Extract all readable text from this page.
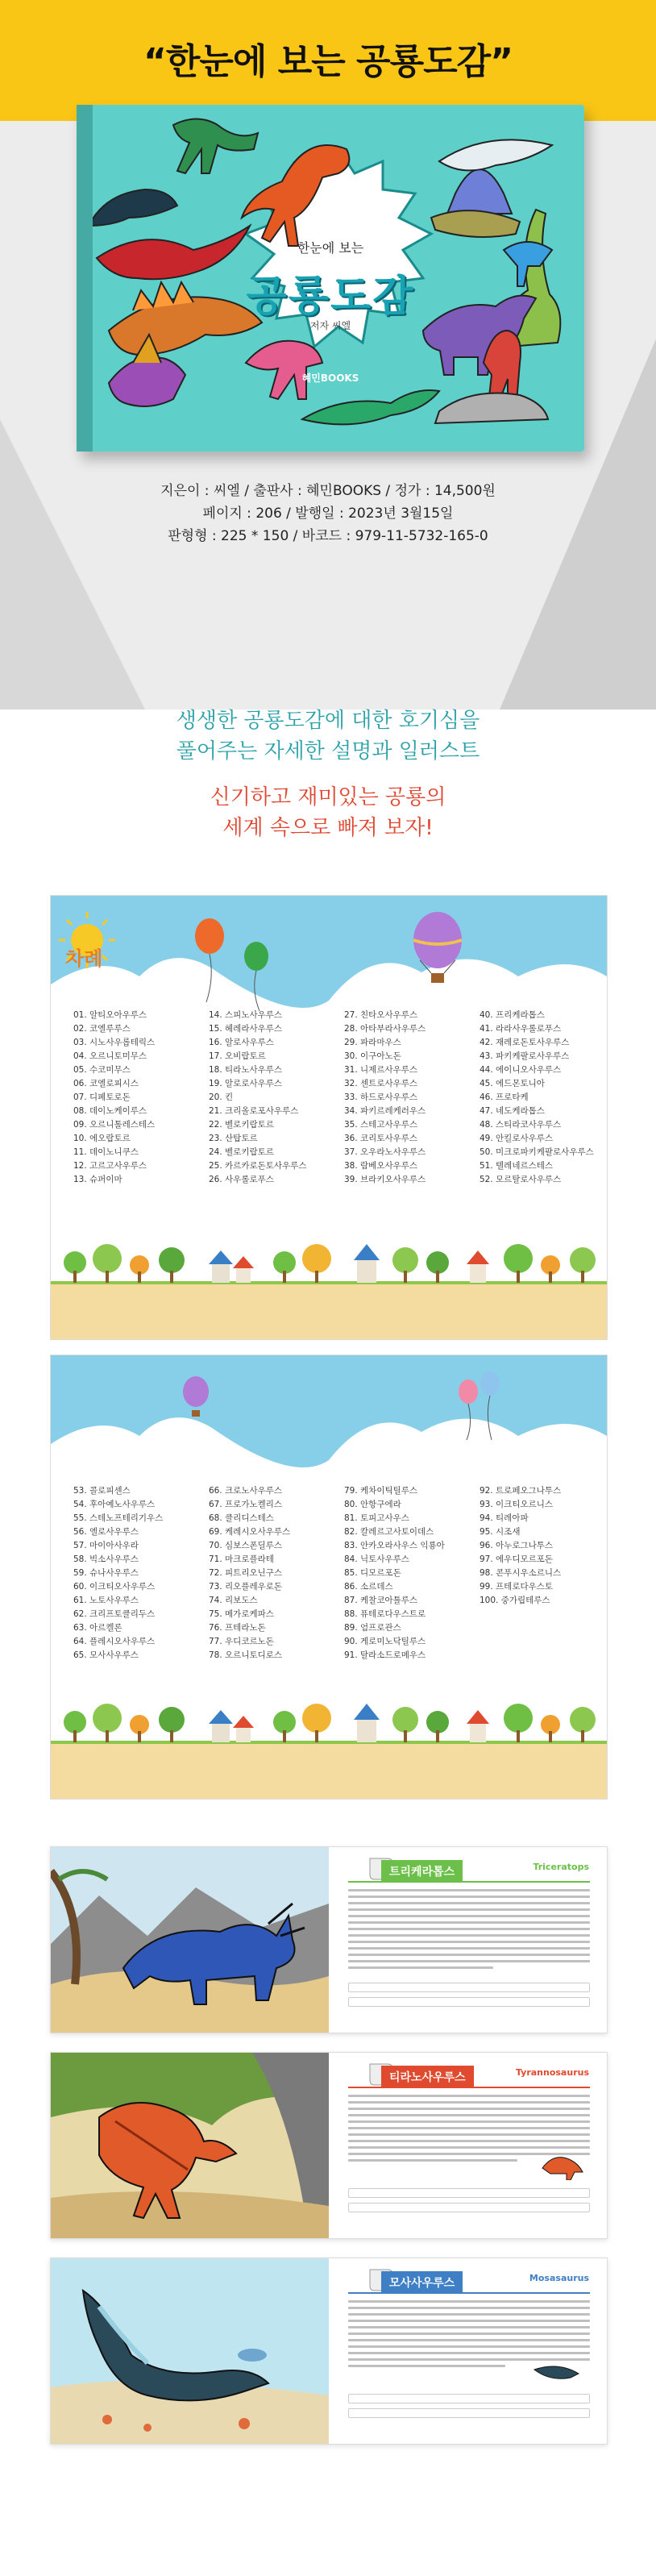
“한눈에 보는 공룡도감”
한눈에 보는
공룡도감
저자 씨엘
혜민BOOKS
지은이 : 씨엘 / 출판사 : 혜민BOOKS / 정가 : 14,500원
페이지 : 206 / 발행일 : 2023년 3월15일
판형형 : 225 * 150 / 바코드 : 979-11-5732-165-0
생생한 공룡도감에 대한 호기심을
풀어주는 자세한 설명과 일러스트
신기하고 재미있는 공룡의
세계 속으로 빠져 보자!
차례
01. 알티오아우루스
02. 코엘루루스
03. 시노사우롭테릭스
04. 오르니토미무스
05. 수코미무스
06. 코엘로피시스
07. 디페토로돈
08. 데이노케이루스
09. 오르니톨레스테스
10. 에오랍토르
11. 데이노니쿠스
12. 고르고사우루스
13. 슈퍼이마
14. 스피노사우루스
15. 헤레라사우루스
16. 알로사우루스
17. 오비랍토르
18. 티라노사우루스
19. 알로로사우루스
20. 킨
21. 크리올로포사우루스
22. 벨로키랍토르
23. 산탑토르
24. 벨로키랍토르
25. 카르카로돈토사우루스
26. 사우롤로푸스
27. 친타오사우루스
28. 아타부라사우루스
29. 파라마우스
30. 이구아노돈
31. 니제르사우루스
32. 센트로사우루스
33. 하드로사우루스
34. 파키르레케러우스
35. 스테고사우루스
36. 코리토사우루스
37. 오우라노사우루스
38. 람베오사우루스
39. 브라키오사우루스
40. 프리케라톱스
41. 라라사우롤로푸스
42. 재레로돈토사우루스
43. 파키케팔로사우루스
44. 에이니오사우루스
45. 에드몬토니아
46. 프로타케
47. 네도케라톱스
48. 스티라코사우루스
49. 안킬로사우루스
50. 미크로파키케팔로사우루스
51. 텔레네르스테스
52. 모르탈로사우루스
53. 콜로피센스
54. 후아예노사우루스
55. 스테노프테리기우스
56. 엘로사우루스
57. 마이아사우라
58. 빅소사우루스
59. 슈나사우루스
60. 이크티오사우루스
61. 노토사우루스
62. 크리프토클리두스
63. 아르켈론
64. 플레시오사우루스
65. 모사사우루스
66. 크로노사우루스
67. 프로가노켈리스
68. 클리디스테스
69. 케레시오사우루스
70. 심보스폰딜루스
71. 마크로플라테
72. 피트리오닌구스
73. 리오플레우로돈
74. 리보도스
75. 메가로케파스
76. 프테라노돈
77. 우디코르노돈
78. 오르니토디로스
79. 케차이틱틸루스
80. 안항구에라
81. 토피고사우스
82. 칼레르고사토이데스
83. 안카오라사우스 익룡아
84. 닉토사우루스
85. 디모르포돈
86. 소르데스
87. 케찰코아틀루스
88. 퓨테로다우스트로
89. 엄프로관스
90. 게로미노닥틸루스
91. 탈라소드로메우스
92. 트로페오그나투스
93. 이크티오르니스
94. 티레아파
95. 시조새
96. 아누로그나투스
97. 에우디모르포돈
98. 콘푸시우소르니스
99. 프테로다우스토
100. 중가립테루스
트리케라톱스	Triceratops
티라노사우루스	Tyrannosaurus
모사사우루스	Mosasaurus
